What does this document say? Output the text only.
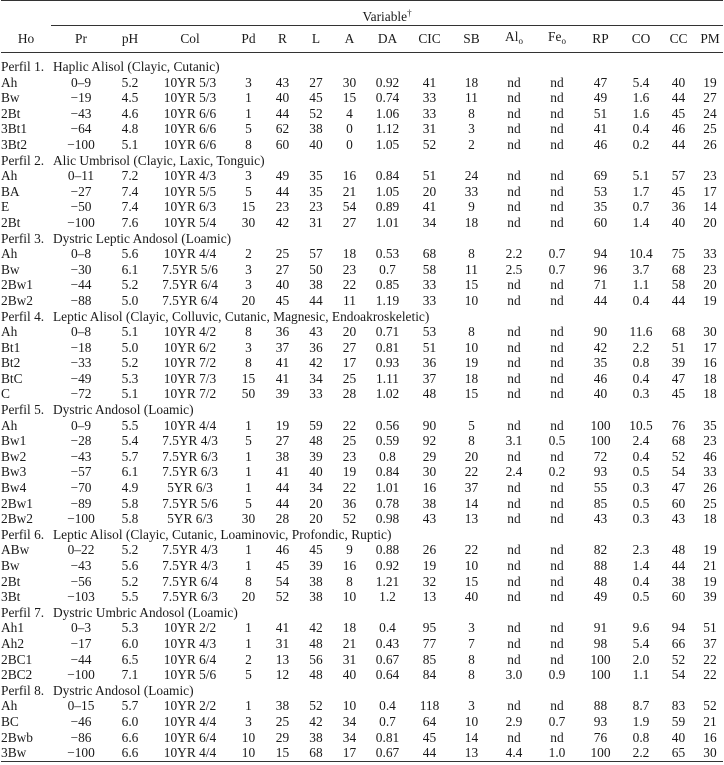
	Variable†
Ho	Pr	pH	Col	Pd	R	L	A	DA	CIC	SB	$Al_o$	$Fe_o$	RP	CO	CC	PM

Perfil 1.	Haplic Alisol (Clayic, Cutanic)															
Ah	0–9	5.2	10YR 5/3	3	43	27	30	0.92	41	18	nd	nd	47	5.4	40	19
Bw	−19	4.5	10YR 5/3	1	40	45	15	0.74	33	11	nd	nd	49	1.6	44	27
2Bt	−43	4.6	10YR 6/6	1	44	52	4	1.06	33	8	nd	nd	51	1.6	45	24
3Bt1	−64	4.8	10YR 6/6	5	62	38	0	1.12	31	3	nd	nd	41	0.4	46	25
3Bt2	−100	5.1	10YR 6/6	8	60	40	0	1.05	52	2	nd	nd	46	0.2	44	26
Perfil 2.	Alic Umbrisol (Clayic, Laxic, Tonguic)															
Ah	0–11	7.2	10YR 4/3	3	49	35	16	0.84	51	24	nd	nd	69	5.1	57	23
BA	−27	7.4	10YR 5/5	5	44	35	21	1.05	20	33	nd	nd	53	1.7	45	17
E	−50	7.4	10YR 6/3	15	23	23	54	0.89	41	9	nd	nd	35	0.7	36	14
2Bt	−100	7.6	10YR 5/4	30	42	31	27	1.01	34	18	nd	nd	60	1.4	40	20
Perfil 3.	Dystric Leptic Andosol (Loamic)															
Ah	0–8	5.6	10YR 4/4	2	25	57	18	0.53	68	8	2.2	0.7	94	10.4	75	33
Bw	−30	6.1	7.5YR 5/6	3	27	50	23	0.7	58	11	2.5	0.7	96	3.7	68	23
2Bw1	−44	5.2	7.5YR 6/4	3	40	38	22	0.85	33	15	nd	nd	71	1.1	58	20
2Bw2	−88	5.0	7.5YR 6/4	20	45	44	11	1.19	33	10	nd	nd	44	0.4	44	19
Perfil 4.	Leptic Alisol (Clayic, Colluvic, Cutanic, Magnesic, Endoakroskeletic)															
Ah	0–8	5.1	10YR 4/2	8	36	43	20	0.71	53	8	nd	nd	90	11.6	68	30
Bt1	−18	5.0	10YR 6/2	3	37	36	27	0.81	51	10	nd	nd	42	2.2	51	17
Bt2	−33	5.2	10YR 7/2	8	41	42	17	0.93	36	19	nd	nd	35	0.8	39	16
BtC	−49	5.3	10YR 7/3	15	41	34	25	1.11	37	18	nd	nd	46	0.4	47	18
C	−72	5.1	10YR 7/2	50	39	33	28	1.02	48	15	nd	nd	40	0.3	45	18
Perfil 5.	Dystric Andosol (Loamic)															
Ah	0–9	5.5	10YR 4/4	1	19	59	22	0.56	90	5	nd	nd	100	10.5	76	35
Bw1	−28	5.4	7.5YR 4/3	5	27	48	25	0.59	92	8	3.1	0.5	100	2.4	68	23
Bw2	−43	5.7	7.5YR 6/3	1	38	39	23	0.8	29	20	nd	nd	72	0.4	52	46
Bw3	−57	6.1	7.5YR 6/3	1	41	40	19	0.84	30	22	2.4	0.2	93	0.5	54	33
Bw4	−70	4.9	5YR 6/3	1	44	34	22	1.01	16	37	nd	nd	55	0.3	47	26
2Bw1	−89	5.8	7.5YR 5/6	5	44	20	36	0.78	38	14	nd	nd	85	0.5	60	25
2Bw2	−100	5.8	5YR 6/3	30	28	20	52	0.98	43	13	nd	nd	43	0.3	43	18
Perfil 6.	Leptic Alisol (Clayic, Cutanic, Loaminovic, Profondic, Ruptic)															
ABw	0–22	5.2	7.5YR 4/3	1	46	45	9	0.88	26	22	nd	nd	82	2.3	48	19
Bw	−43	5.6	7.5YR 4/3	1	45	39	16	0.92	19	10	nd	nd	88	1.4	44	21
2Bt	−56	5.2	7.5YR 6/4	8	54	38	8	1.21	32	15	nd	nd	48	0.4	38	19
3Bt	−103	5.5	7.5YR 6/3	20	52	38	10	1.2	13	40	nd	nd	49	0.5	60	39
Perfil 7.	Dystric Umbric Andosol (Loamic)															
Ah1	0–3	5.3	10YR 2/2	1	41	42	18	0.4	95	3	nd	nd	91	9.6	94	51
Ah2	−17	6.0	10YR 4/3	1	31	48	21	0.43	77	7	nd	nd	98	5.4	66	37
2BC1	−44	6.5	10YR 6/4	2	13	56	31	0.67	85	8	nd	nd	100	2.0	52	22
2BC2	−100	7.1	10YR 5/6	5	12	48	40	0.64	84	8	3.0	0.9	100	1.1	54	22
Perfil 8.	Dystric Andosol (Loamic)															
Ah	0–15	5.7	10YR 2/2	1	38	52	10	0.4	118	3	nd	nd	88	8.7	83	52
BC	−46	6.0	10YR 4/4	3	25	42	34	0.7	64	10	2.9	0.7	93	1.9	59	21
2Bwb	−86	6.6	10YR 6/4	10	29	38	34	0.81	45	14	nd	nd	76	0.8	40	16
3Bw	−100	6.6	10YR 4/4	10	15	68	17	0.67	44	13	4.4	1.0	100	2.2	65	30
